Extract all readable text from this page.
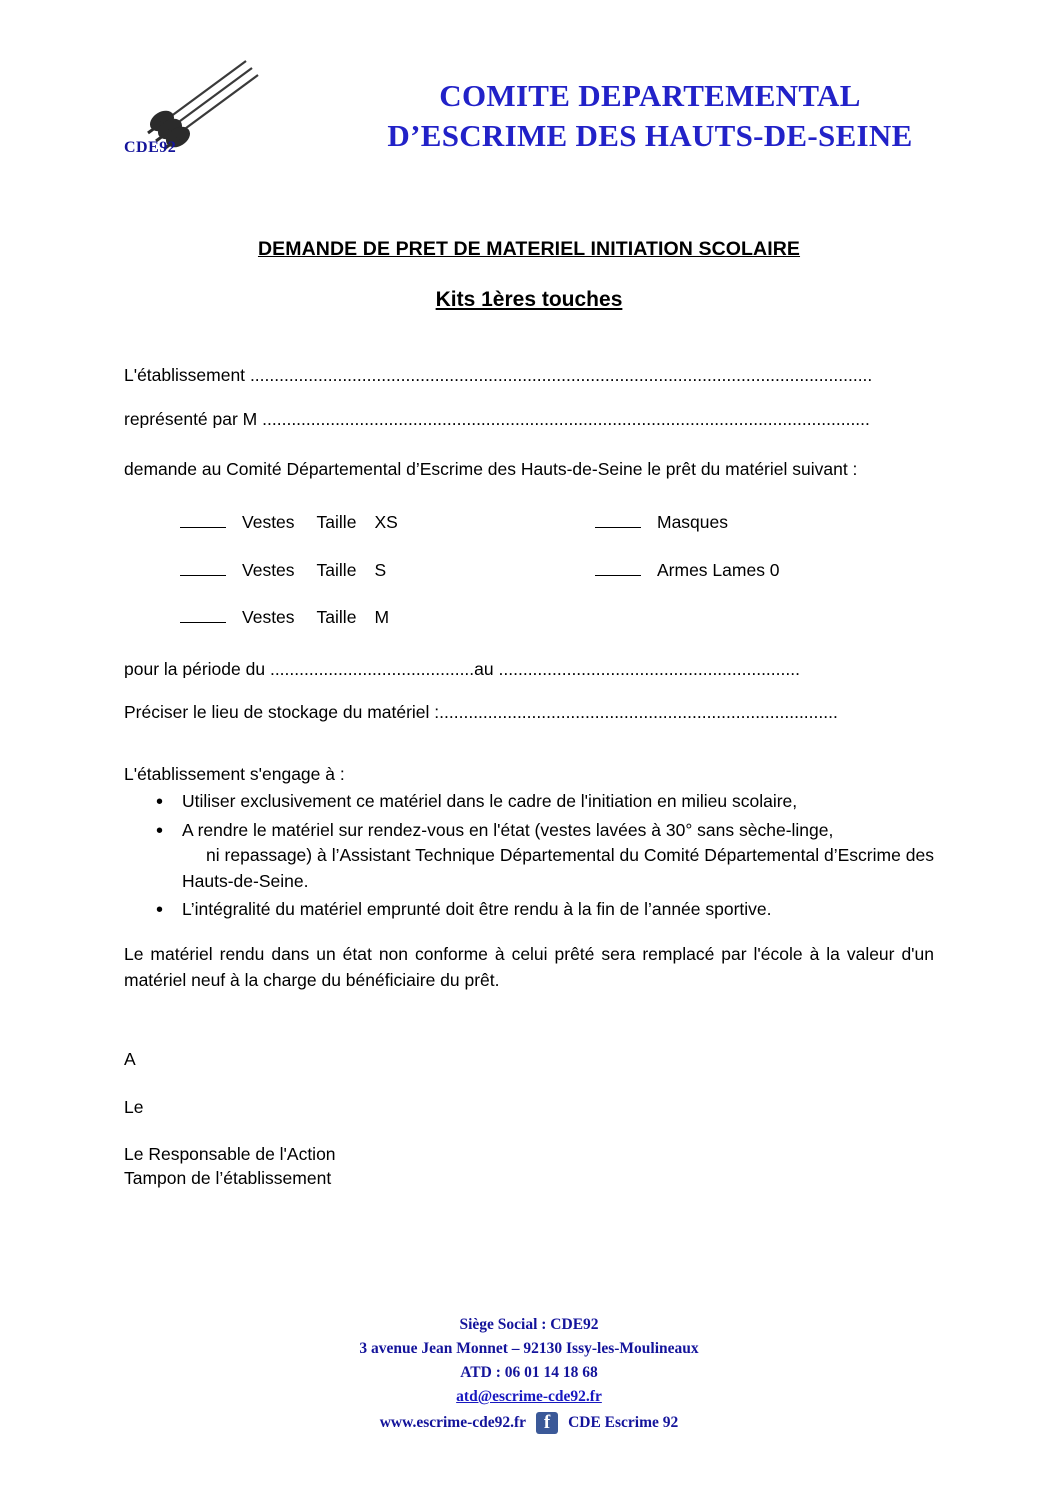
CDE92
COMITE DEPARTEMENTAL
D’ESCRIME DES HAUTS-DE-SEINE
DEMANDE DE PRET DE MATERIEL INITIATION SCOLAIRE
Kits 1ères touches
L'établissement ................................................................................................................................
représenté par M .............................................................................................................................
demande au Comité Départemental d’Escrime des Hauts-de-Seine le prêt du matériel suivant :
Vestes Taille XS	Masques
Vestes Taille S	Armes Lames 0
Vestes Taille M
pour la période du ..........................................au ..............................................................
Préciser le lieu de stockage du matériel :..................................................................................
L'établissement s'engage à :
• Utiliser exclusivement ce matériel dans le cadre de l'initiation en milieu scolaire,
• A rendre le matériel sur rendez-vous en l'état (vestes lavées à 30° sans sèche-linge,
ni repassage) à l’Assistant Technique Départemental du Comité Départemental d’Escrime des Hauts-de-Seine.
• L’intégralité du matériel emprunté doit être rendu à la fin de l’année sportive.
Le matériel rendu dans un état non conforme à celui prêté sera remplacé par l'école à la valeur d'un matériel neuf à la charge du bénéficiaire du prêt.
A
Le
Le Responsable de l'Action
Tampon de l’établissement
Siège Social : CDE92
3 avenue Jean Monnet – 92130 Issy-les-Moulineaux
ATD : 06 01 14 18 68
atd@escrime-cde92.fr
www.escrime-cde92.fr f	CDE Escrime 92
